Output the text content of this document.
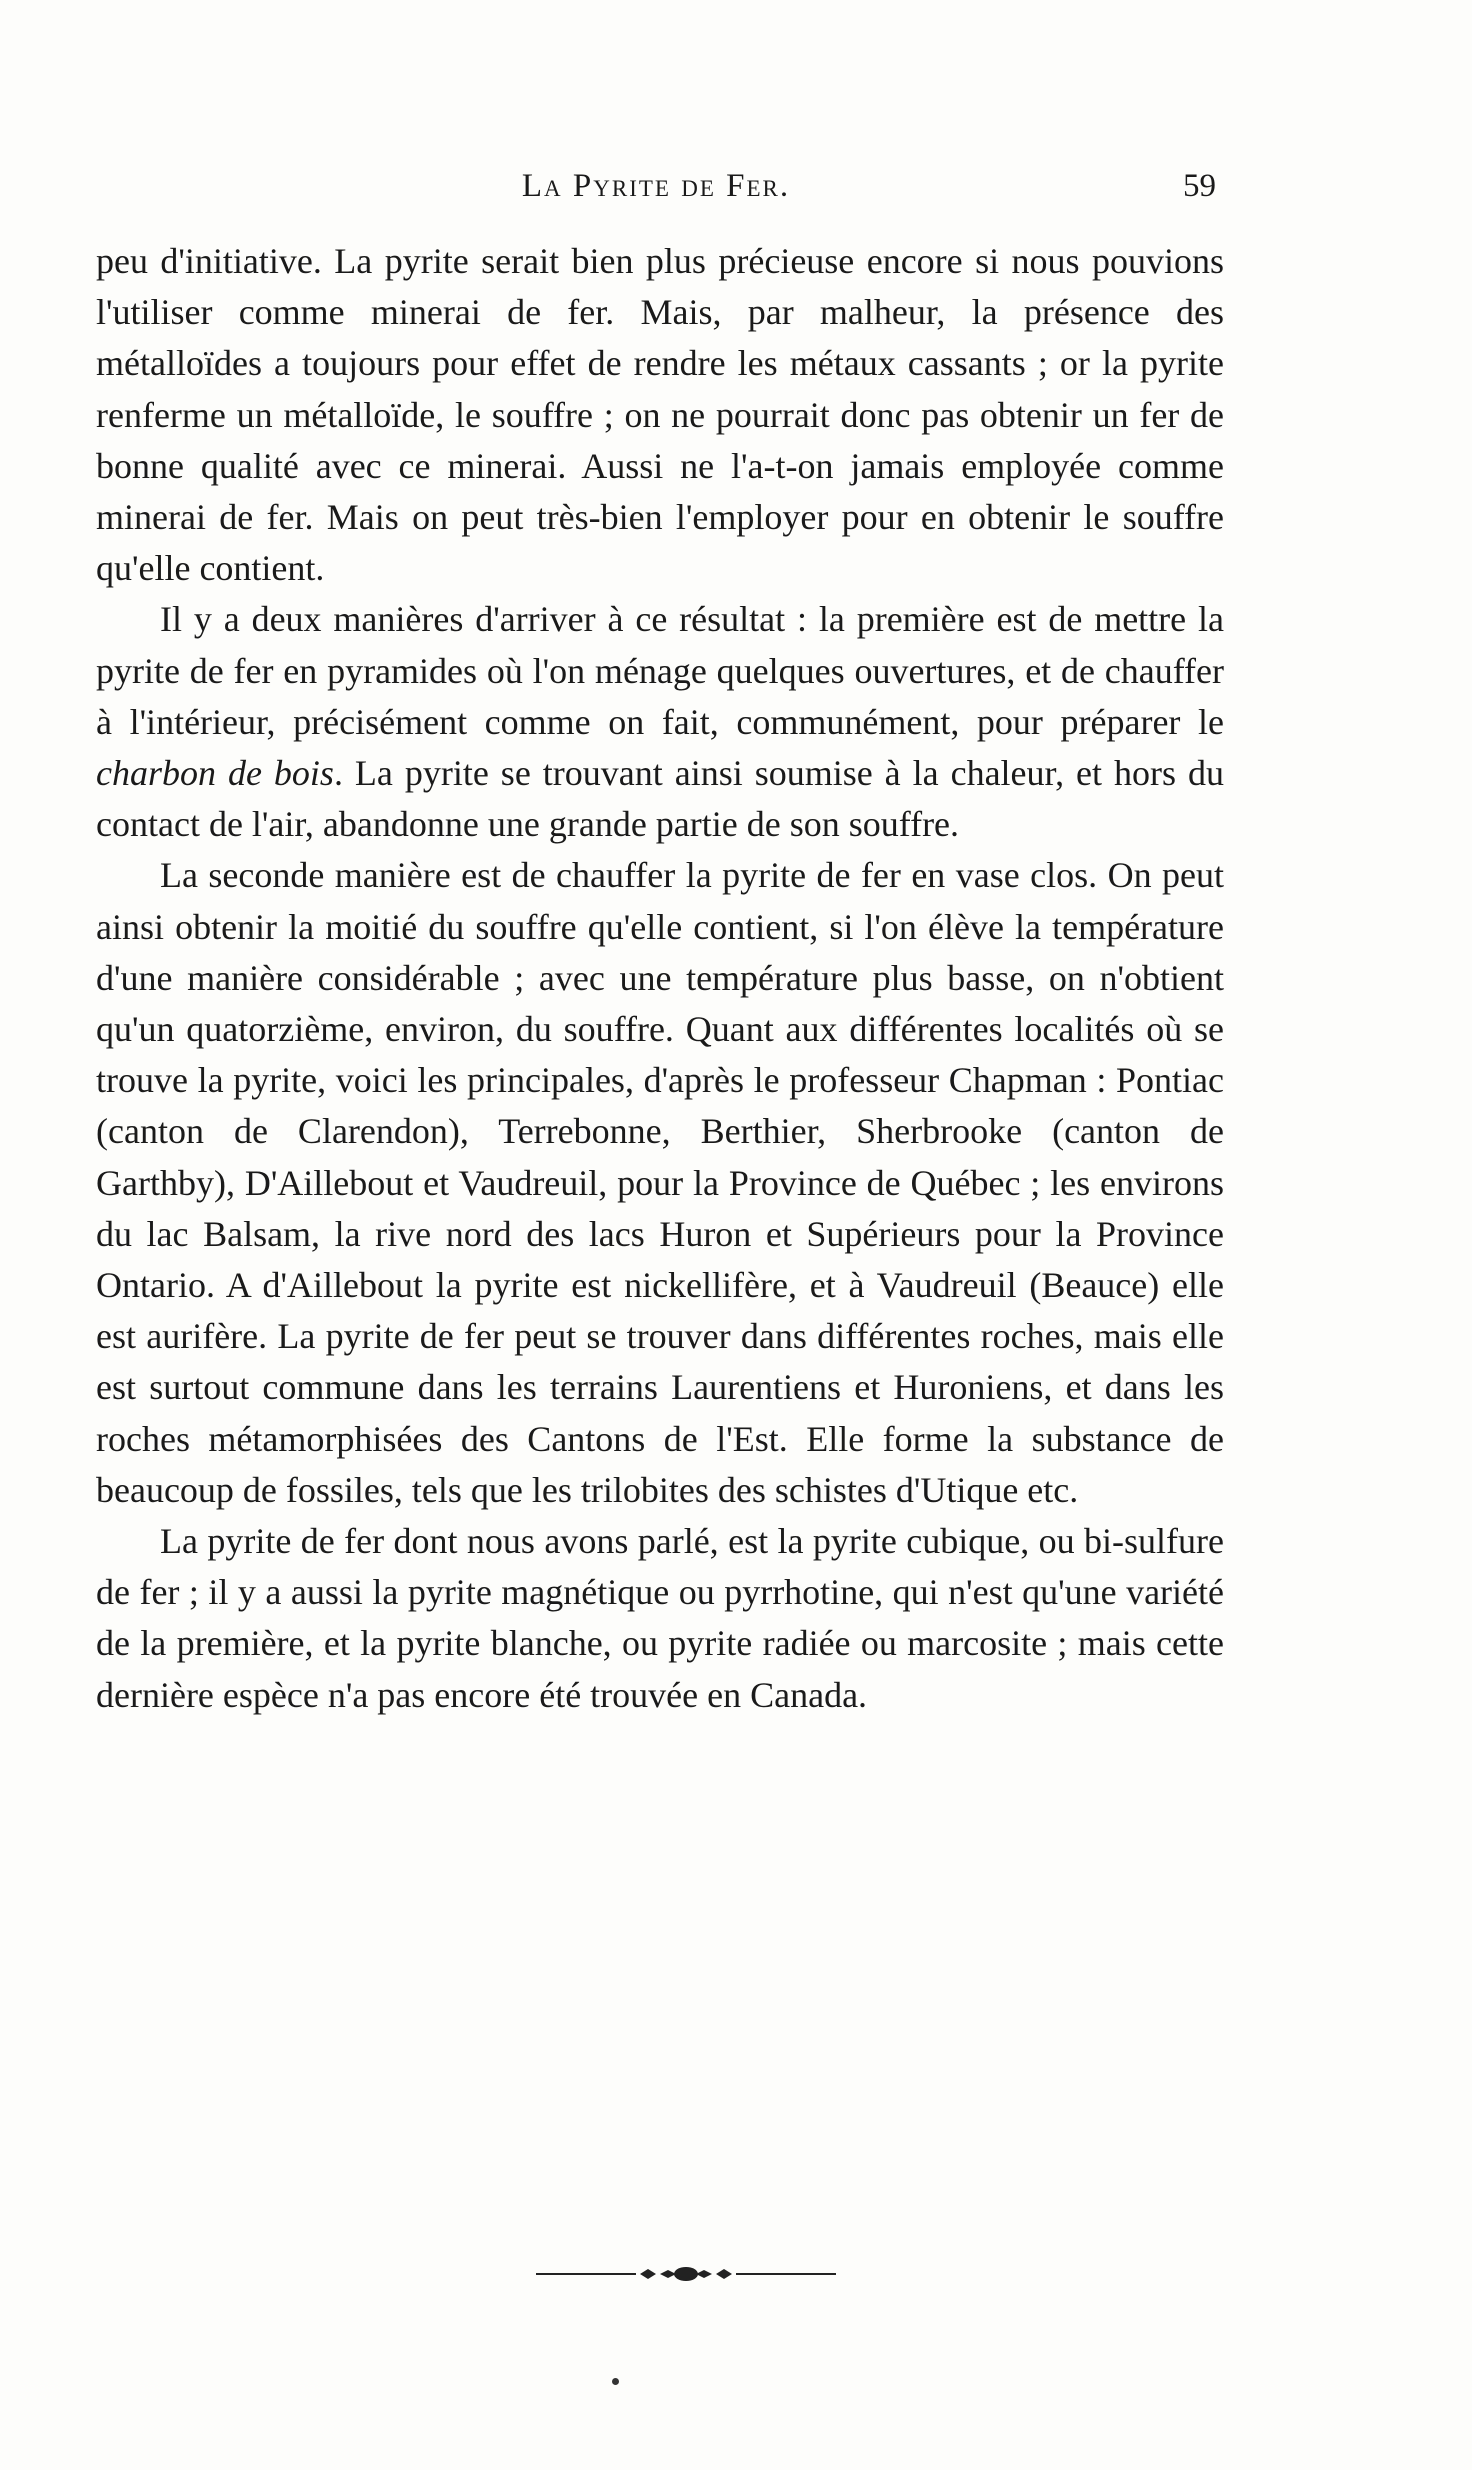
La Pyrite de Fer.	59

peu d'initiative. La pyrite serait bien plus précieuse encore si nous pouvions l'utiliser comme minerai de fer. Mais, par malheur, la présence des métalloïdes a toujours pour effet de rendre les métaux cassants ; or la pyrite renferme un métalloïde, le souffre ; on ne pourrait donc pas obtenir un fer de bonne qualité avec ce minerai. Aussi ne l'a-t-on jamais employée comme minerai de fer. Mais on peut très-bien l'employer pour en obtenir le souffre qu'elle contient.

Il y a deux manières d'arriver à ce résultat : la première est de mettre la pyrite de fer en pyramides où l'on ménage quelques ouvertures, et de chauffer à l'intérieur, précisément comme on fait, communément, pour préparer le charbon de bois. La pyrite se trouvant ainsi soumise à la chaleur, et hors du contact de l'air, abandonne une grande partie de son souffre.

La seconde manière est de chauffer la pyrite de fer en vase clos. On peut ainsi obtenir la moitié du souffre qu'elle contient, si l'on élève la température d'une manière considérable ; avec une température plus basse, on n'obtient qu'un quatorzième, environ, du souffre. Quant aux différentes localités où se trouve la pyrite, voici les principales, d'après le professeur Chapman : Pontiac (canton de Clarendon), Terrebonne, Berthier, Sherbrooke (canton de Garthby), D'Aillebout et Vaudreuil, pour la Province de Québec ; les environs du lac Balsam, la rive nord des lacs Huron et Supérieurs pour la Province Ontario. A d'Aillebout la pyrite est nickellifère, et à Vaudreuil (Beauce) elle est aurifère. La pyrite de fer peut se trouver dans différentes roches, mais elle est surtout commune dans les terrains Laurentiens et Huroniens, et dans les roches métamorphisées des Cantons de l'Est. Elle forme la substance de beaucoup de fossiles, tels que les trilobites des schistes d'Utique etc.

La pyrite de fer dont nous avons parlé, est la pyrite cubique, ou bi-sulfure de fer ; il y a aussi la pyrite magnétique ou pyrrhotine, qui n'est qu'une variété de la première, et la pyrite blanche, ou pyrite radiée ou marcosite ; mais cette dernière espèce n'a pas encore été trouvée en Canada.
